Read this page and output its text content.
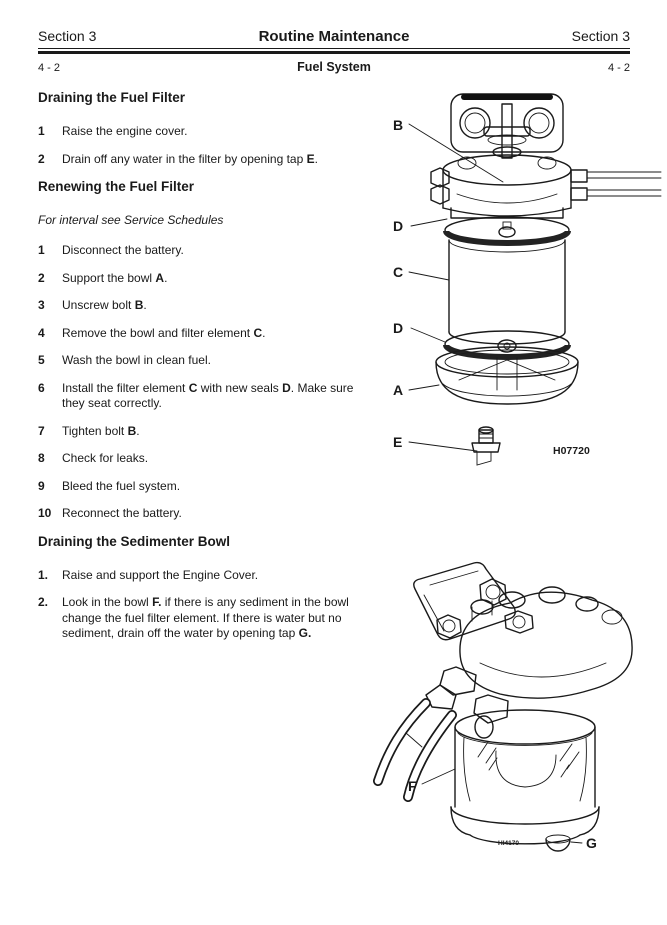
Section 3	Routine Maintenance	Section 3
4 - 2	Fuel System	4 - 2
Draining the Fuel Filter
1	Raise the engine cover.
2	Drain off any water in the filter by opening tap E.
Renewing the Fuel Filter

For interval see Service Schedules

1	Disconnect the battery.
2	Support the bowl A.
3	Unscrew bolt B.
4	Remove the bowl and filter element C.
5	Wash the bowl in clean fuel.
6	Install the filter element C with new seals D. Make sure they seat correctly.
7	Tighten bolt B.
8	Check for leaks.
9	Bleed the fuel system.
10 Reconnect the battery.
Draining the Sedimenter Bowl
1.	Raise and support the Engine Cover.
2.	Look in the bowl F. if there is any sediment in the bowl change the fuel filter element. If there is water but no sediment, drain off the water by opening tap G.
B
D
C
D
A
E
H07720
F
G
HI4170
